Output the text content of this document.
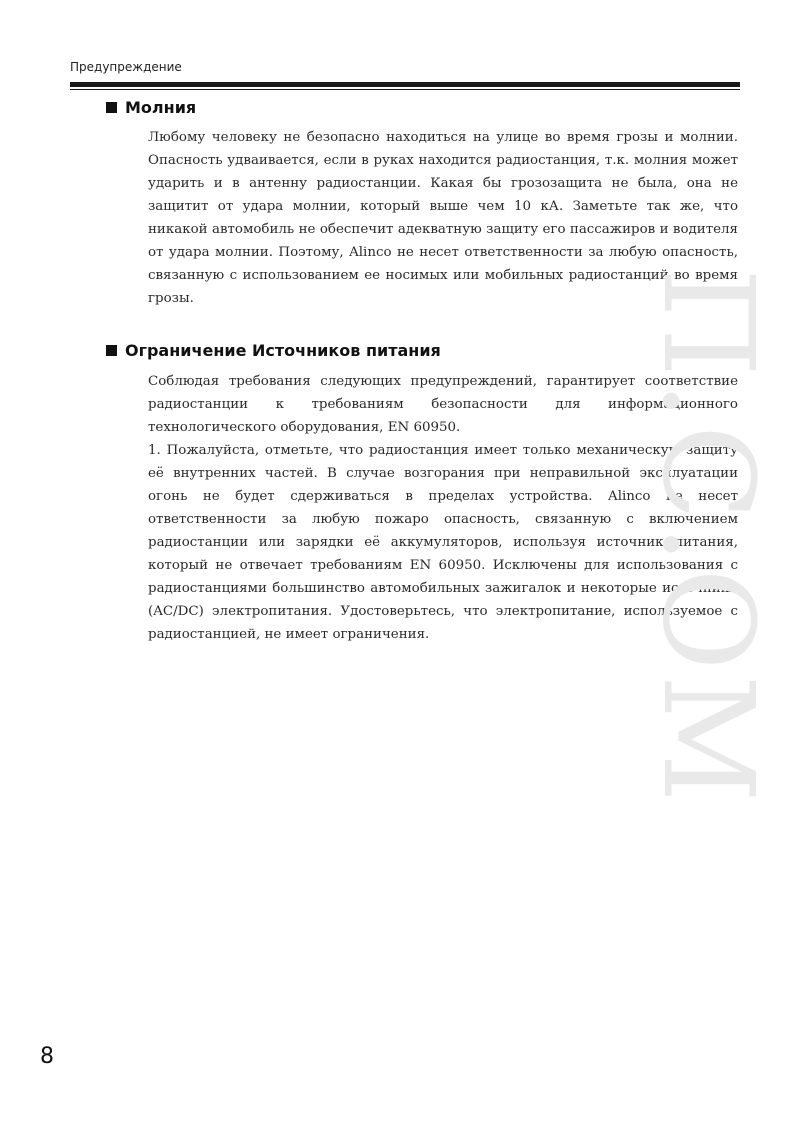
Предупреждение
Молния

Любому человеку не безопасно находиться на улице во время грозы и молнии. Опасность удваивается, если в руках находится радиостанция, т.к. молния может ударить и в антенну радиостанции. Какая бы грозозащита не была, она не защитит от удара молнии, который выше чем 10 кА. Заметьте так же, что никакой автомобиль не обеспечит адекватную защиту его пассажиров и водителя от удара молнии. Поэтому, Alinco не несет ответственности за любую опасность, связанную с использованием ее носимых или мобильных радиостанций во время грозы.

Ограничение Источников питания

Соблюдая требования следующих предупреждений, гарантирует соответствие радиостанции к требованиям безопасности для информационного технологического оборудования, EN 60950.

1. Пожалуйста, отметьте, что радиостанция имеет только механическую защиту её внутренних частей. В случае возгорания при неправильной эксплуатации огонь не будет сдерживаться в пределах устройства. Alinco не несет ответственности за любую пожаро опасность, связанную с включением радиостанции или зарядки её аккумуляторов, используя источник питания, который не отвечает требованиям EN 60950. Исключены для использования с радиостанциями большинство автомобильных зажигалок и некоторые источники (AC/DC) электропитания. Удостоверьтесь, что электропитание, используемое с радиостанцией, не имеет ограничения.	П.С.ОМ
8
